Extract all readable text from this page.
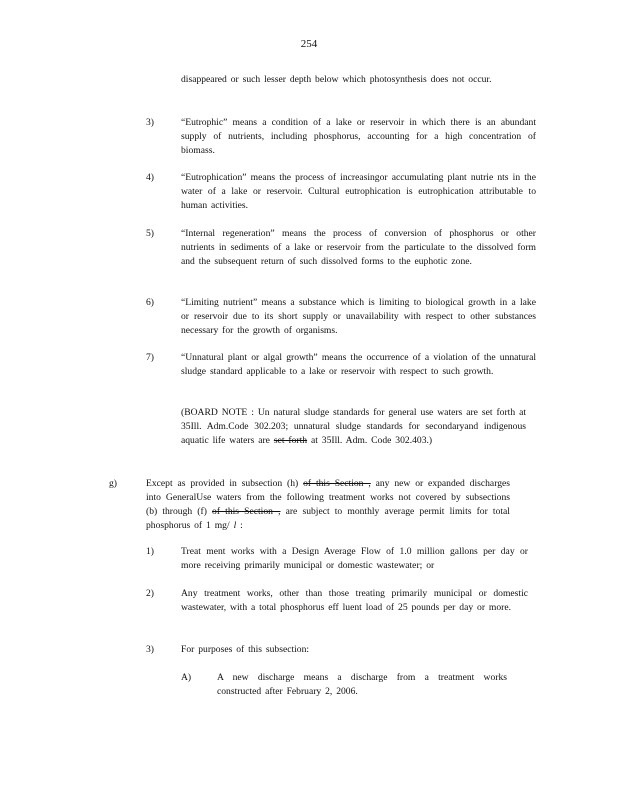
254
disappeared or such lesser depth below which photosynthesis does not occur.
3)	“Eutrophic” means a condition of a lake or reservoir in which there is an abundant supply of nutrients, including phosphorus, accounting for a high concentration of biomass.
4)	“Eutrophication” means the process of increasingor accumulating plant nutrie nts in the water of a lake or reservoir. Cultural eutrophication is eutrophication attributable to human activities.
5)	“Internal regeneration” means the process of conversion of phosphorus or other nutrients in sediments of a lake or reservoir from the particulate to the dissolved form and the subsequent return of such dissolved forms to the euphotic zone.
6)	“Limiting nutrient” means a substance which is limiting to biological growth in a lake or reservoir due to its short supply or unavailability with respect to other substances necessary for the growth of organisms.
7)	“Unnatural plant or algal growth” means the occurrence of a violation of the unnatural sludge standard applicable to a lake or reservoir with respect to such growth.
(BOARD NOTE : Un natural sludge standards for general use waters are set forth at 35Ill. Adm.Code 302.203; unnatural sludge standards for secondaryand indigenous aquatic life waters are set forth at 35Ill. Adm. Code 302.403.)
g)	Except as provided in subsection (h) of this Section , any new or expanded discharges into GeneralUse waters from the following treatment works not covered by subsections (b) through (f) of this Section , are subject to monthly average permit limits for total phosphorus of 1 mg/ l :
1)	Treat ment works with a Design Average Flow of 1.0 million gallons per day or more receiving primarily municipal or domestic wastewater; or
2)	Any treatment works, other than those treating primarily municipal or domestic wastewater, with a total phosphorus eff luent load of 25 pounds per day or more.
3)	For purposes of this subsection:
A)	A new discharge means a discharge from a treatment works constructed after February 2, 2006.
